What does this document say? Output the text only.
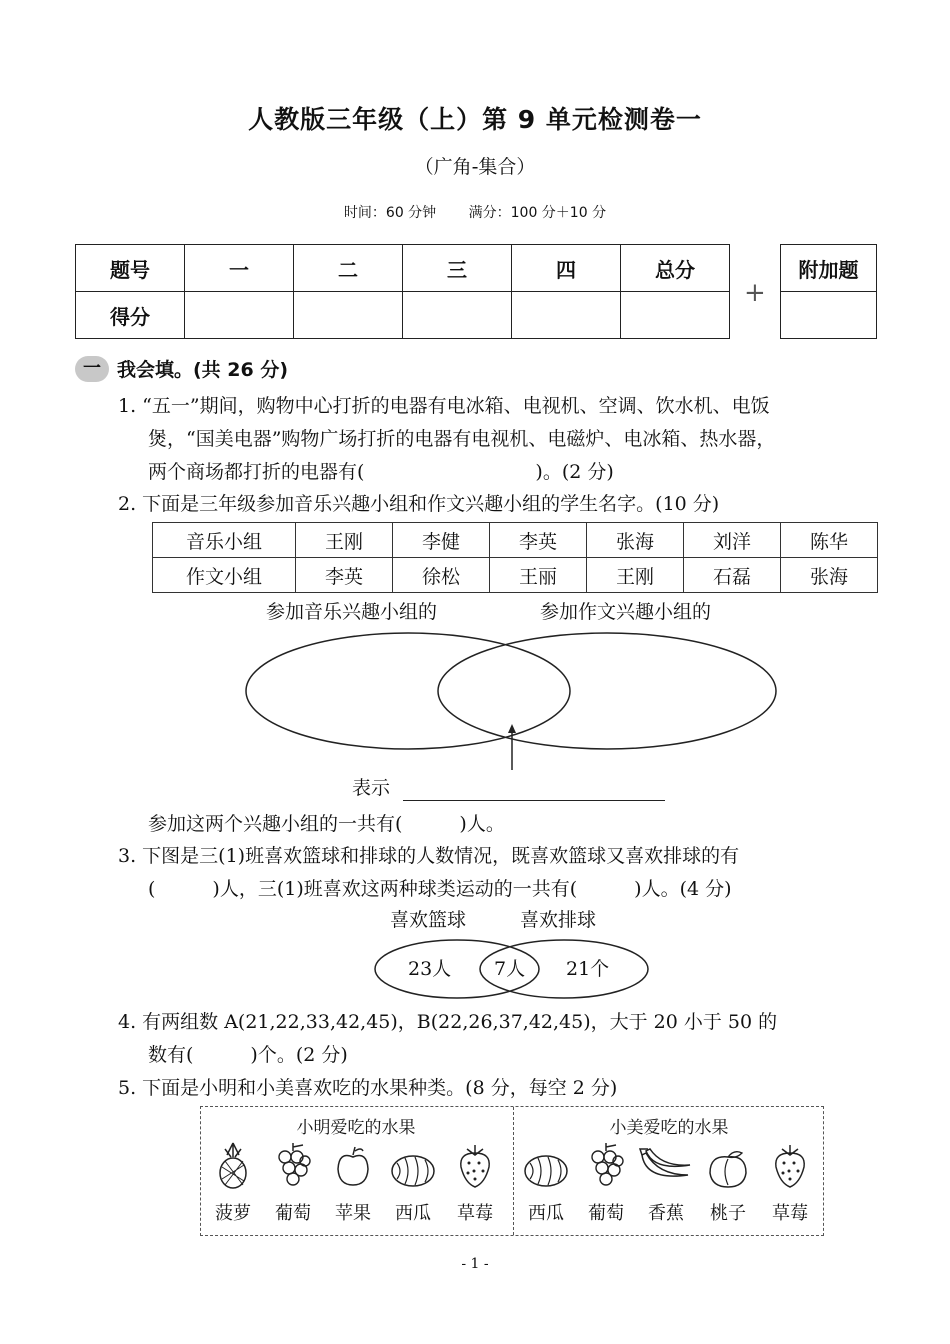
人教版三年级（上）第 9 单元检测卷一
（广角-集合）
时间：60 分钟 满分：100 分＋10 分
题号	一	二	三	四	总分
得分					
+
附加题

一 我会填。(共 26 分)
1. “五一”期间，购物中心打折的电器有电冰箱、电视机、空调、饮水机、电饭
煲，“国美电器”购物广场打折的电器有电视机、电磁炉、电冰箱、热水器，
两个商场都打折的电器有(　　　　　　　　　)。(2 分)
2. 下面是三年级参加音乐兴趣小组和作文兴趣小组的学生名字。(10 分)
音乐小组	王刚	李健	李英	张海	刘洋	陈华
作文小组	李英	徐松	王丽	王刚	石磊	张海
参加音乐兴趣小组的	参加作文兴趣小组的
表示
参加这两个兴趣小组的一共有(　　　)人。
3. 下图是三(1)班喜欢篮球和排球的人数情况，既喜欢篮球又喜欢排球的有
(　　　)人，三(1)班喜欢这两种球类运动的一共有(　　　)人。(4 分)
喜欢篮球	喜欢排球
23人 7人 21个
4. 有两组数 A(21,22,33,42,45)，B(22,26,37,42,45)，大于 20 小于 50 的
数有(　　　)个。(2 分)
5. 下面是小明和小美喜欢吃的水果种类。(8 分，每空 2 分)
小明爱吃的水果
菠萝	葡萄	苹果	西瓜	草莓
小美爱吃的水果
西瓜	葡萄	香蕉	桃子	草莓
- 1 -
